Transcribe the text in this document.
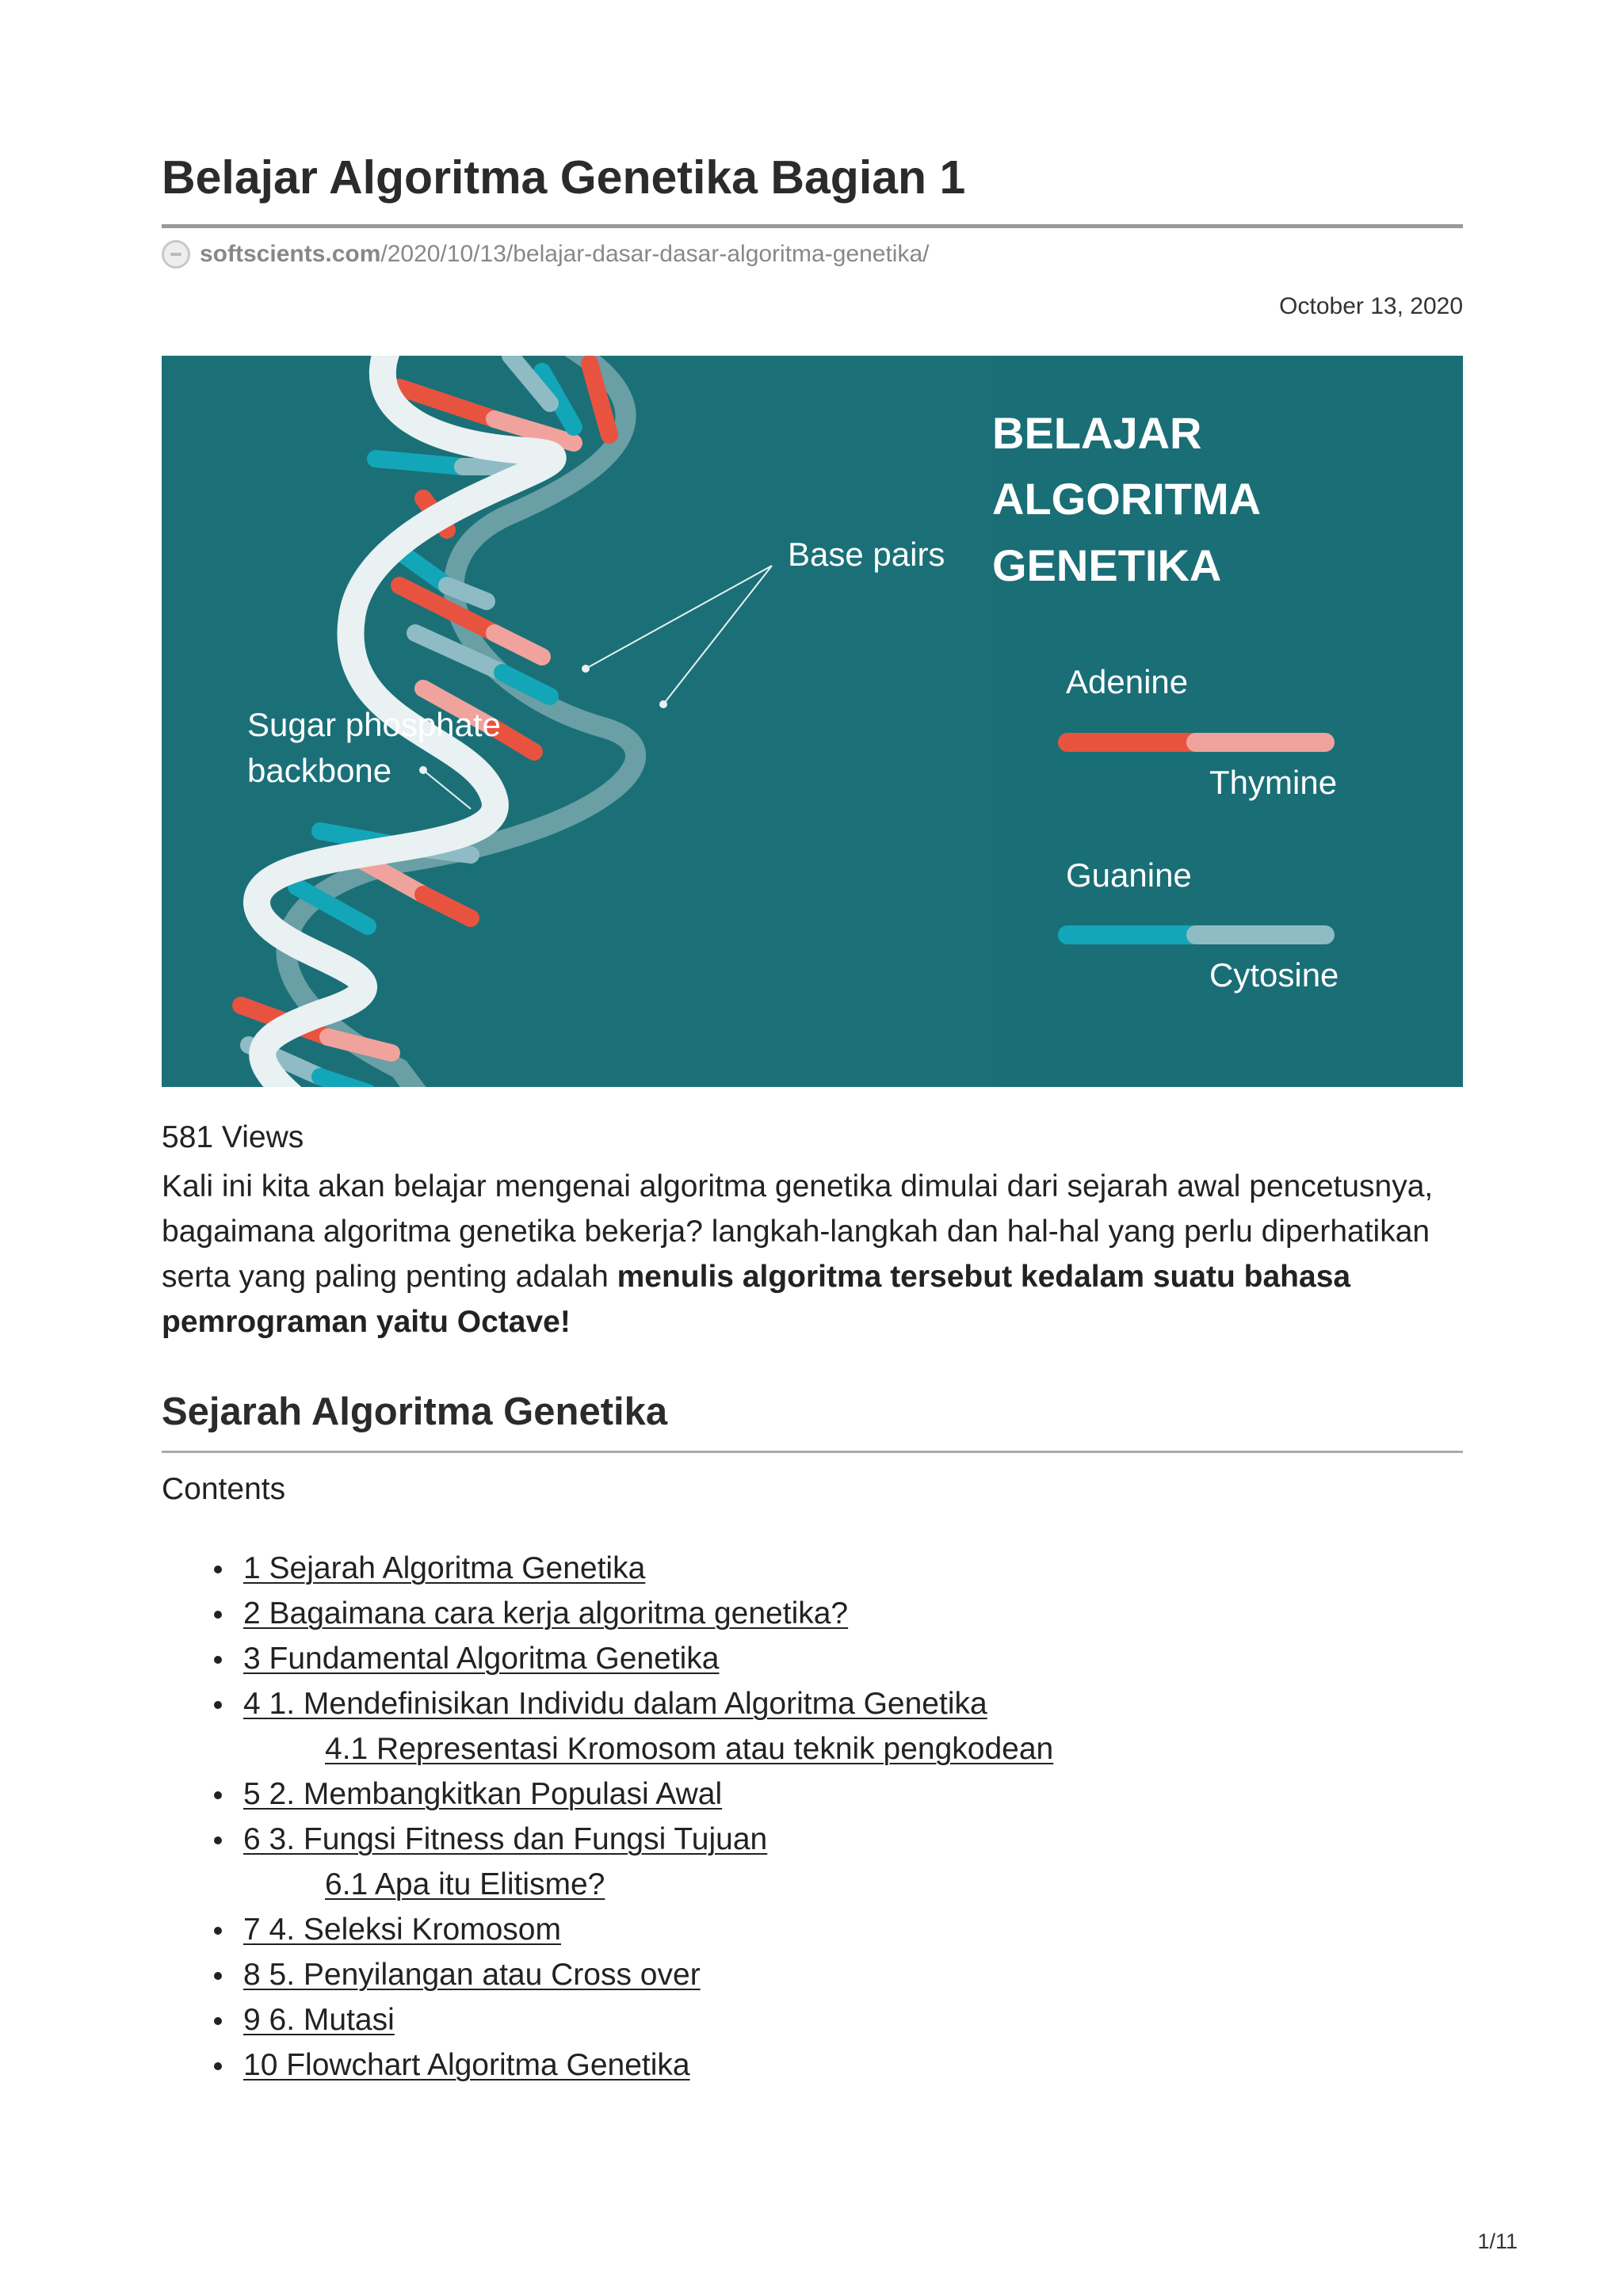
Belajar Algoritma Genetika Bagian 1
softscients.com /2020/10/13/belajar-dasar-dasar-algoritma-genetika/
October 13, 2020
Base pairs
Sugar phosphate
backbone
BELAJAR
ALGORITMA
GENETIKA
Adenine
Thymine
Guanine
Cytosine
581 Views

Kali ini kita akan belajar mengenai algoritma genetika dimulai dari sejarah awal pencetusnya, bagaimana algoritma genetika bekerja? langkah-langkah dan hal-hal yang perlu diperhatikan serta yang paling penting adalah menulis algoritma tersebut kedalam suatu bahasa pemrograman yaitu Octave!

Sejarah Algoritma Genetika
Contents
1 Sejarah Algoritma Genetika
2 Bagaimana cara kerja algoritma genetika?
3 Fundamental Algoritma Genetika
4 1. Mendefinisikan Individu dalam Algoritma Genetika
4.1 Representasi Kromosom atau teknik pengkodean
5 2. Membangkitkan Populasi Awal
6 3. Fungsi Fitness dan Fungsi Tujuan
6.1 Apa itu Elitisme?
7 4. Seleksi Kromosom
8 5. Penyilangan atau Cross over
9 6. Mutasi
10 Flowchart Algoritma Genetika
1/11
